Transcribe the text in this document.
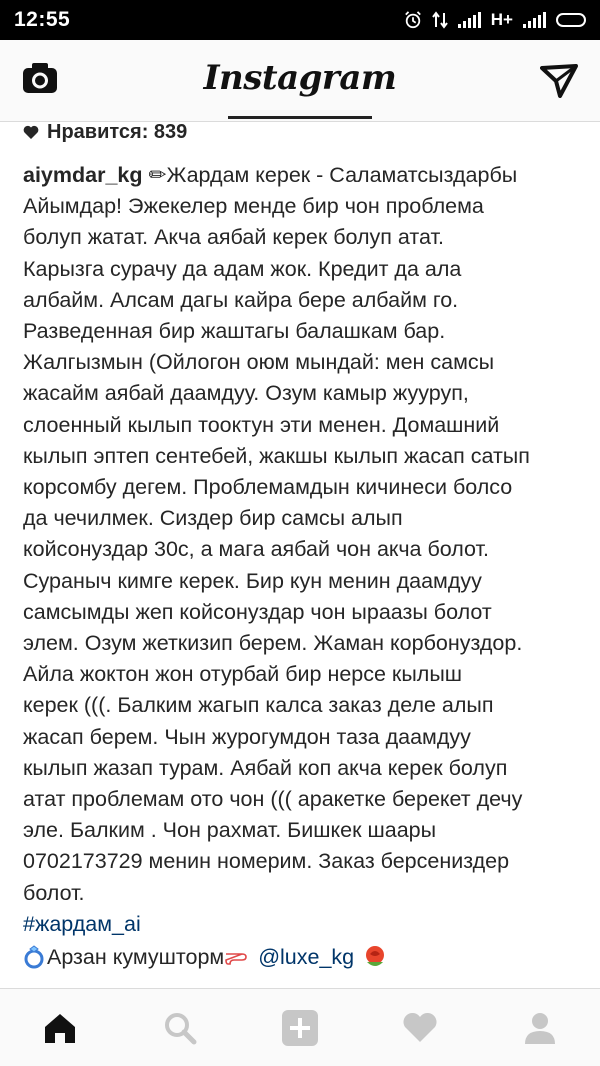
12:55	H+
Instagram
Нравится: 839
aiymdar_kg ✏Жардам керек - Саламатсыздарбы
Айымдар! Эжекелер менде бир чон проблема
болуп жатат. Акча аябай керек болуп атат.
Карызга сурачу да адам жок. Кредит да ала
албайм. Алсам дагы кайра бере албайм го.
Разведенная бир жаштагы балашкам бар.
Жалгызмын (Ойлогон оюм мындай: мен самсы
жасайм аябай даамдуу. Озум камыр жууруп,
слоенный кылып тооктун эти менен. Домашний
кылып эптеп сентебей, жакшы кылып жасап сатып
корсомбу дегем. Проблемамдын кичинеси болсо
да чечилмек. Сиздер бир самсы алып
койсонуздар 30с, а мага аябай чон акча болот.
Сураныч кимге керек. Бир кун менин даамдуу
самсымды жеп койсонуздар чон ыраазы болот
элем. Озум жеткизип берем. Жаман корбонуздор.
Айла жоктон жон отурбай бир нерсе кылыш
керек (((. Балким жагып калса заказ деле алып
жасап берем. Чын журогумдон таза даамдуу
кылып жазап турам. Аябай коп акча керек болуп
атат проблемам ото чон ((( аракетке берекет дечу
эле. Балким . Чон рахмат. Бишкек шаары
0702173729 менин номерим. Заказ берсениздер
болот.
#жардам_ai
Арзан кумушторм @luxe_kg
